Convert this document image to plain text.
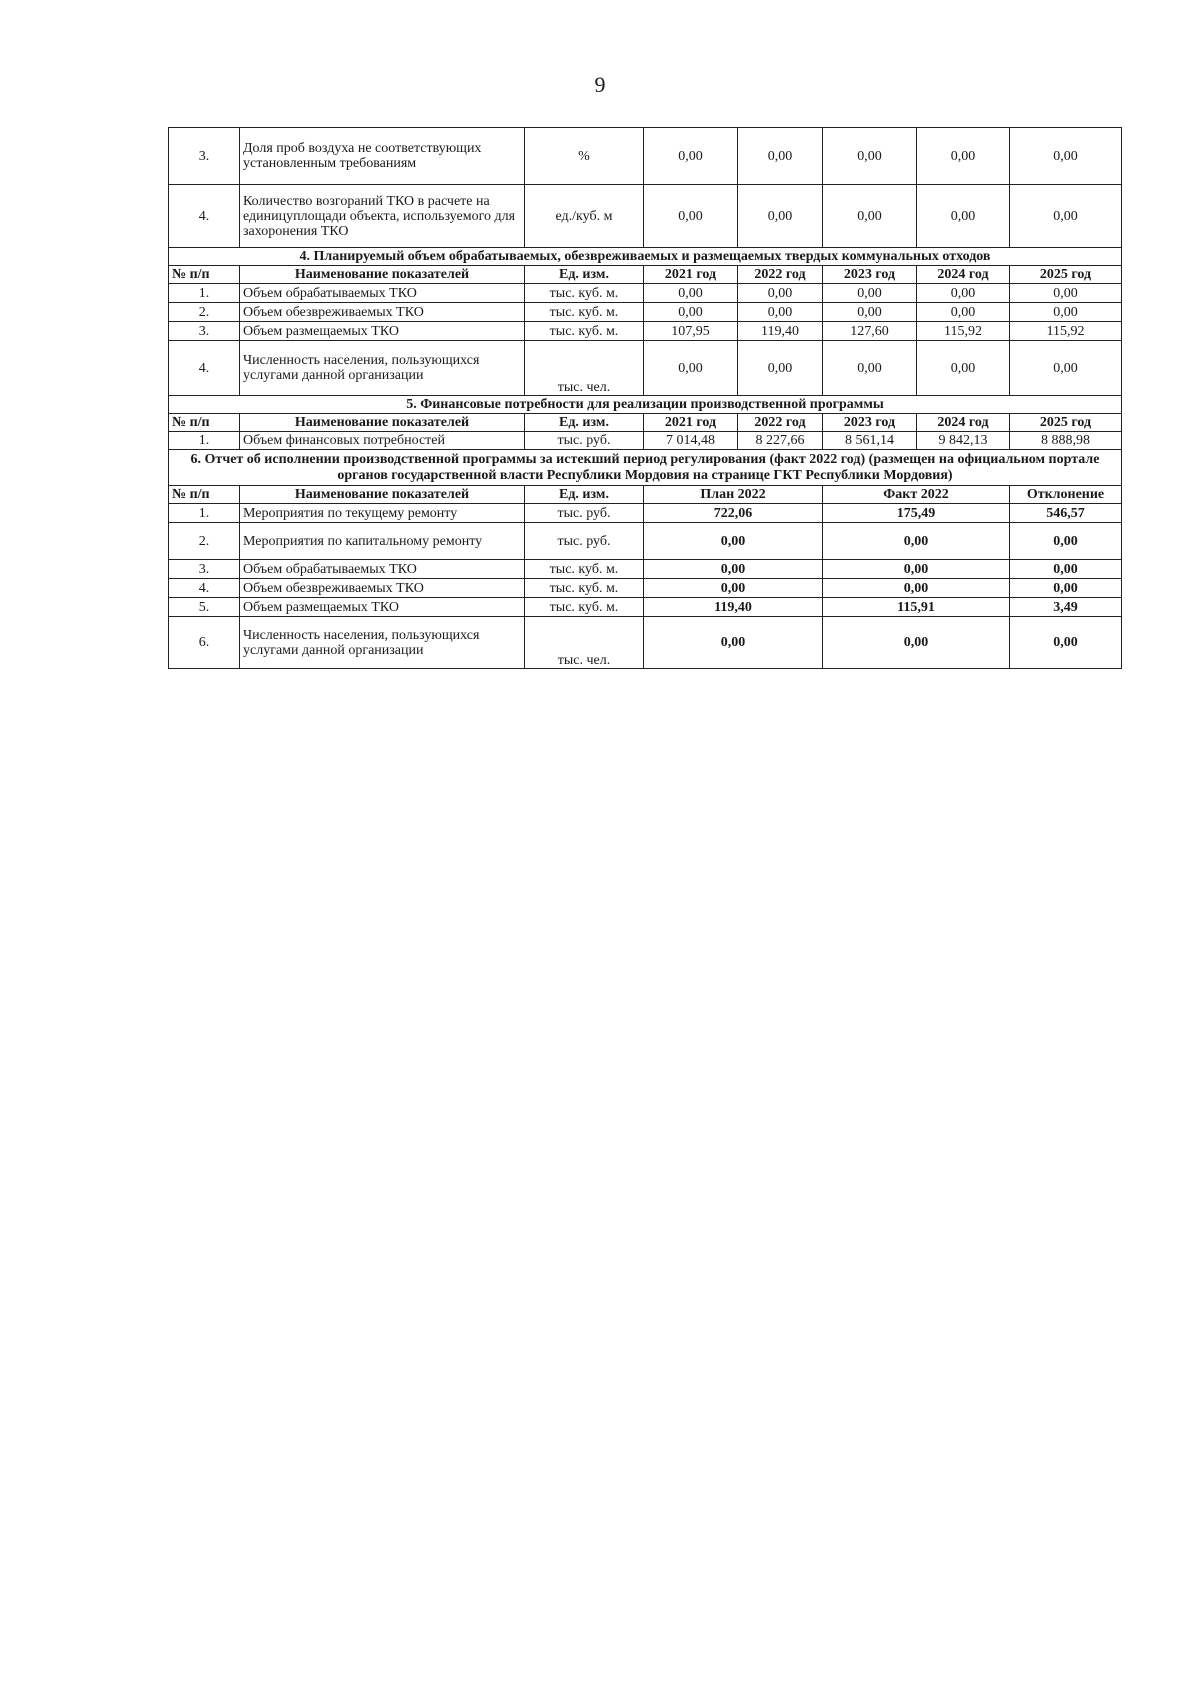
9
3.	Доля проб воздуха не соответствующих установленным требованиям	%	0,00	0,00	0,00	0,00	0,00
4.	Количество возгораний ТКО в расчете на единицуплощади объекта, используемого для захоронения ТКО	ед./куб. м	0,00	0,00	0,00	0,00	0,00
4. Планируемый объем обрабатываемых, обезвреживаемых и размещаемых твердых коммунальных отходов							
№ п/п	Наименование показателей	Ед. изм.	2021 год	2022 год	2023 год	2024 год	2025 год
1.	Объем обрабатываемых ТКО	тыс. куб. м.	0,00	0,00	0,00	0,00	0,00
2.	Объем обезвреживаемых ТКО	тыс. куб. м.	0,00	0,00	0,00	0,00	0,00
3.	Объем размещаемых ТКО	тыс. куб. м.	107,95	119,40	127,60	115,92	115,92
4.	Численность населения, пользующихся услугами данной организации	тыс. чел.	0,00	0,00	0,00	0,00	0,00
5. Финансовые потребности для реализации производственной программы							
№ п/п	Наименование показателей	Ед. изм.	2021 год	2022 год	2023 год	2024 год	2025 год
1.	Объем финансовых потребностей	тыс. руб.	7 014,48	8 227,66	8 561,14	9 842,13	8 888,98
6. Отчет об исполнении производственной программы за истекший период регулирования (факт 2022 год) (размещен на официальном портале органов государственной власти Республики Мордовия на странице ГКТ Республики Мордовия)							
№ п/п	Наименование показателей	Ед. изм.	План 2022		Факт 2022		Отклонение
1.	Мероприятия по текущему ремонту	тыс. руб.	722,06		175,49		546,57
2.	Мероприятия по капитальному ремонту	тыс. руб.	0,00		0,00		0,00
3.	Объем обрабатываемых ТКО	тыс. куб. м.	0,00		0,00		0,00
4.	Объем обезвреживаемых ТКО	тыс. куб. м.	0,00		0,00		0,00
5.	Объем размещаемых ТКО	тыс. куб. м.	119,40		115,91		3,49
6.	Численность населения, пользующихся услугами данной организации	тыс. чел.	0,00		0,00		0,00
